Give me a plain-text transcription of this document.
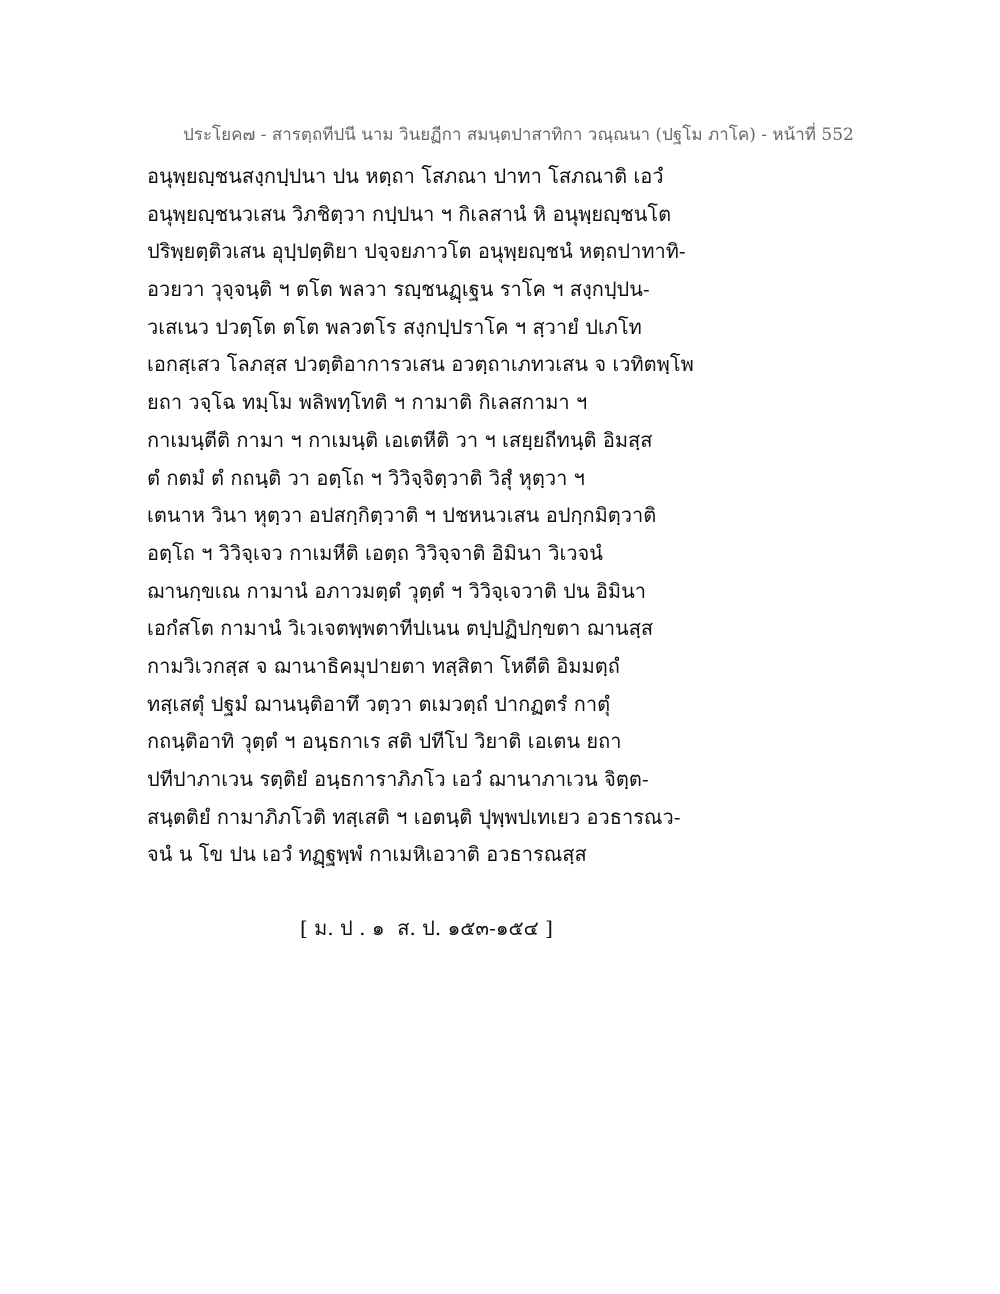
ประโยค๗ - สารตฺถทีปนี นาม วินยฏีกา สมนฺตปาสาทิกา วณฺณนา (ปฐโม ภาโค) - หน้าที่ 552
อนุพฺยญฺชนสงฺกปฺปนา ปน หตฺถา โสภณา ปาทา โสภณาติ เอวํ
อนุพฺยญฺชนวเสน วิภชิตฺวา กปฺปนา ฯ กิเลสานํ หิ อนุพฺยญฺชนโต
ปริพฺยตฺติวเสน อุปฺปตฺติยา ปจฺจยภาวโต อนุพฺยญฺชนํ หตฺถปาทาทิ-
อวยวา วุจฺจนฺติ ฯ ตโต พลวา รญฺชนฏฺเฐน ราโค ฯ สงฺกปฺปน-
วเสเนว ปวตฺโต ตโต พลวตโร สงฺกปฺปราโค ฯ สฺวายํ ปเภโท
เอกสฺเสว โลภสฺส ปวตฺติอาการวเสน อวตฺถาเภทวเสน จ เวทิตพฺโพ
ยถา วจฺโฉ ทมฺโม พลิพทฺโทติ ฯ กามาติ กิเลสกามา ฯ
กาเมนฺตีติ กามา ฯ กาเมนฺติ เอเตหีติ วา ฯ เสยฺยถีทนฺติ อิมสฺส
ตํ กตมํ ตํ กถนฺติ วา อตฺโถ ฯ วิวิจฺจิตฺวาติ วิสุํ หุตฺวา ฯ
เตนาห วินา หุตฺวา อปสกฺกิตฺวาติ ฯ ปชหนวเสน อปกฺกมิตฺวาติ
อตฺโถ ฯ วิวิจฺเจว กาเมหีติ เอตฺถ วิวิจฺจาติ อิมินา วิเวจนํ
ฌานกฺขเณ กามานํ อภาวมตฺตํ วุตฺตํ ฯ วิวิจฺเจวาติ ปน อิมินา
เอกํสโต กามานํ วิเวเจตพฺพตาทีปเนน ตปฺปฏิปกฺขตา ฌานสฺส
กามวิเวกสฺส จ ฌานาธิคมุปายตา ทสฺสิตา โหตีติ อิมมตฺถํ
ทสฺเสตุํ ปฐมํ ฌานนฺติอาทึ วตฺวา ตเมวตฺถํ ปากฏตรํ กาตุํ
กถนฺติอาทิ วุตฺตํ ฯ อนฺธกาเร สติ ปทีโป วิยาติ เอเตน ยถา
ปทีปาภาเวน รตฺติยํ อนฺธการาภิภโว เอวํ ฌานาภาเวน จิตฺต-
สนฺตติยํ กามาภิภโวติ ทสฺเสติ ฯ เอตนฺติ ปุพฺพปเทเยว อวธารณว-
จนํ น โข ปน เอวํ ทฏฺฐพฺพํ กาเมหิเอวาติ อวธารณสฺส
[ ม. ป . ๑  ส. ป. ๑๕๓-๑๕๔ ]
